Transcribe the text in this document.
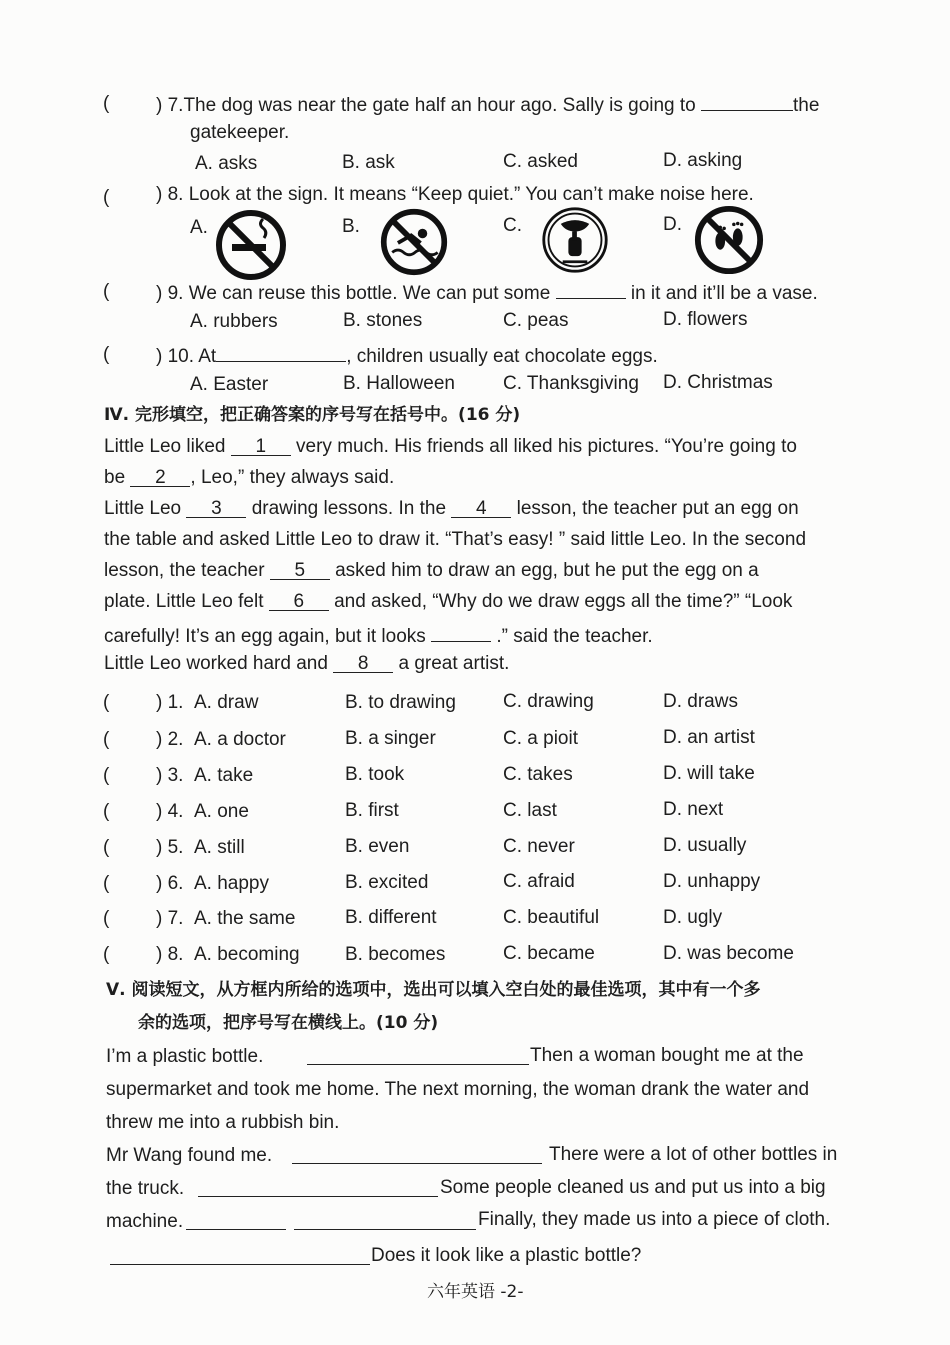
( ) 7.The dog was near the gate half an hour ago. Sally is going to	the
gatekeeper.
A. asks	B. ask	C. asked	D. asking
( ) 8. Look at the sign. It means “Keep quiet.” You can’t make noise here.
A.	B.	C.	D.
( ) 9. We can reuse this bottle. We can put some	in it and it’ll be a vase.
A. rubbers	B. stones	C. peas	D. flowers
( ) 10. At	, children usually eat chocolate eggs.
A. Easter	B. Halloween	C. Thanksgiving D. Christmas
Ⅳ. 完形填空，把正确答案的序号写在括号中。(16 分)
Little Leo liked 1 very much. His friends all liked his pictures. “You’re going to
be 2 , Leo,” they always said.
Little Leo 3 drawing lessons. In the 4 lesson, the teacher put an egg on
the table and asked Little Leo to draw it. “That’s easy! ” said little Leo. In the second
lesson, the teacher 5 asked him to draw an egg, but he put the egg on a
plate. Little Leo felt 6 and asked, “Why do we draw eggs all the time?” “Look
carefully! It’s an egg again, but it looks	.” said the teacher.
Little Leo worked hard and 8 a great artist.
( ) 1. A. draw	B. to drawing C. drawing	D. draws
( ) 2. A. a doctor	B. a singer	C. a pioit	D. an artist
( ) 3. A. take	B. took	C. takes	D. will take
( ) 4. A. one	B. first	C. last	D. next
( ) 5. A. still	B. even	C. never	D. usually
( ) 6. A. happy	B. excited	C. afraid	D. unhappy
( ) 7. A. the same	B. different	C. beautiful	D. ugly
( ) 8. A. becoming B. becomes	C. became	D. was become
Ⅴ. 阅读短文，从方框内所给的选项中，选出可以填入空白处的最佳选项，其中有一个多
余的选项，把序号写在横线上。(10 分)
I’m a plastic bottle.	Then a woman bought me at the
supermarket and took me home. The next morning, the woman drank the water and
threw me into a rubbish bin.
Mr Wang found me.	There were a lot of other bottles in
the truck.	Some people cleaned us and put us into a big
machine.	Finally, they made us into a piece of cloth.
Does it look like a plastic bottle?
六年英语 -2-
